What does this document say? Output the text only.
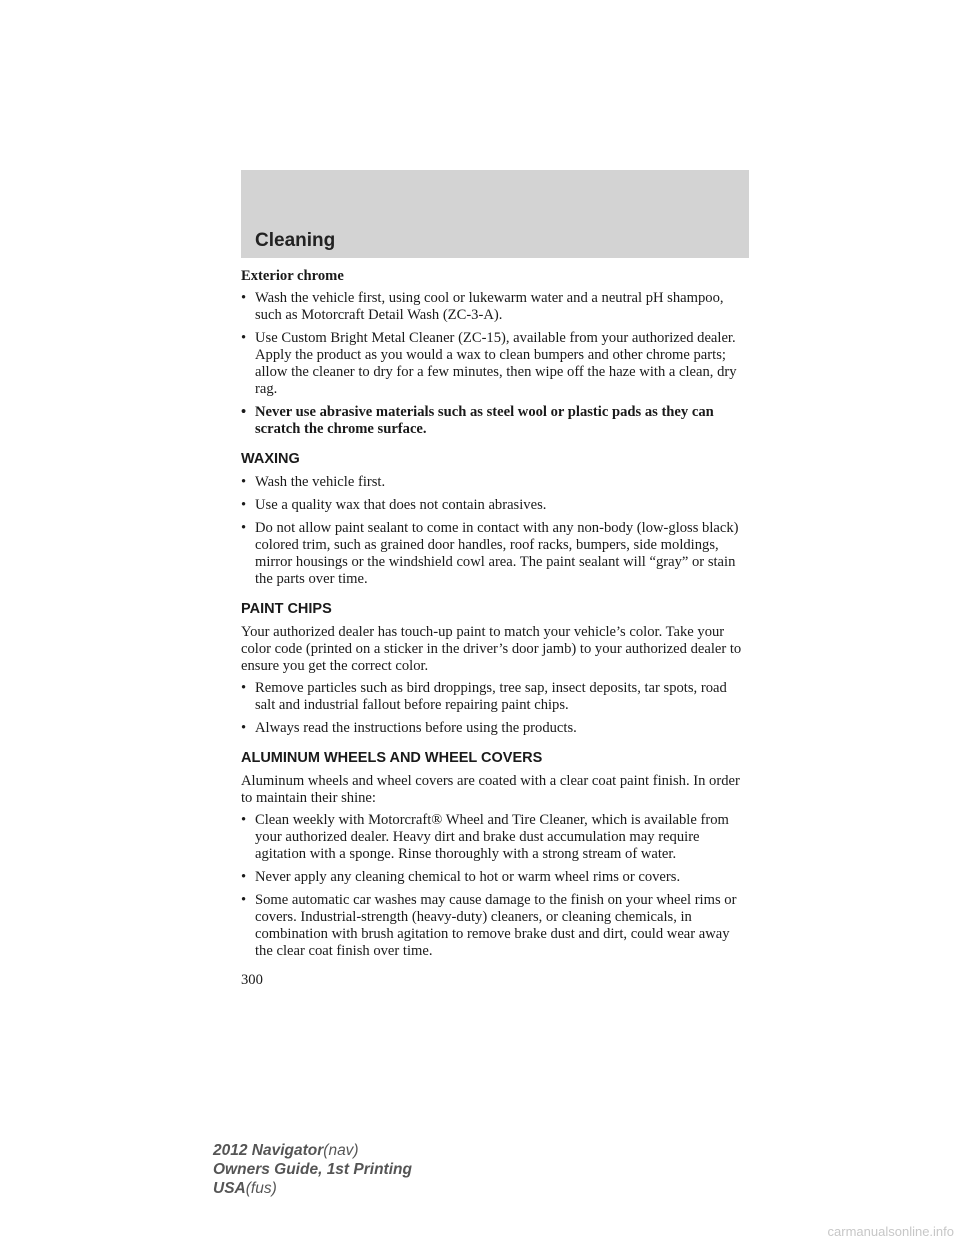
Cleaning

Exterior chrome

• Wash the vehicle first, using cool or lukewarm water and a neutral pH shampoo, such as Motorcraft Detail Wash (ZC-3-A).
• Use Custom Bright Metal Cleaner (ZC-15), available from your authorized dealer. Apply the product as you would a wax to clean bumpers and other chrome parts; allow the cleaner to dry for a few minutes, then wipe off the haze with a clean, dry rag.
• Never use abrasive materials such as steel wool or plastic pads as they can scratch the chrome surface.

WAXING

• Wash the vehicle first.
• Use a quality wax that does not contain abrasives.
• Do not allow paint sealant to come in contact with any non-body (low-gloss black) colored trim, such as grained door handles, roof racks, bumpers, side moldings, mirror housings or the windshield cowl area. The paint sealant will “gray” or stain the parts over time.

PAINT CHIPS

Your authorized dealer has touch-up paint to match your vehicle’s color. Take your color code (printed on a sticker in the driver’s door jamb) to your authorized dealer to ensure you get the correct color.

• Remove particles such as bird droppings, tree sap, insect deposits, tar spots, road salt and industrial fallout before repairing paint chips.
• Always read the instructions before using the products.

ALUMINUM WHEELS AND WHEEL COVERS

Aluminum wheels and wheel covers are coated with a clear coat paint finish. In order to maintain their shine:

• Clean weekly with Motorcraft® Wheel and Tire Cleaner, which is available from your authorized dealer. Heavy dirt and brake dust accumulation may require agitation with a sponge. Rinse thoroughly with a strong stream of water.
• Never apply any cleaning chemical to hot or warm wheel rims or covers.
• Some automatic car washes may cause damage to the finish on your wheel rims or covers. Industrial-strength (heavy-duty) cleaners, or cleaning chemicals, in combination with brush agitation to remove brake dust and dirt, could wear away the clear coat finish over time.
300
2012 Navigator(nav)
Owners Guide, 1st Printing
USA(fus)
carmanualsonline.info
